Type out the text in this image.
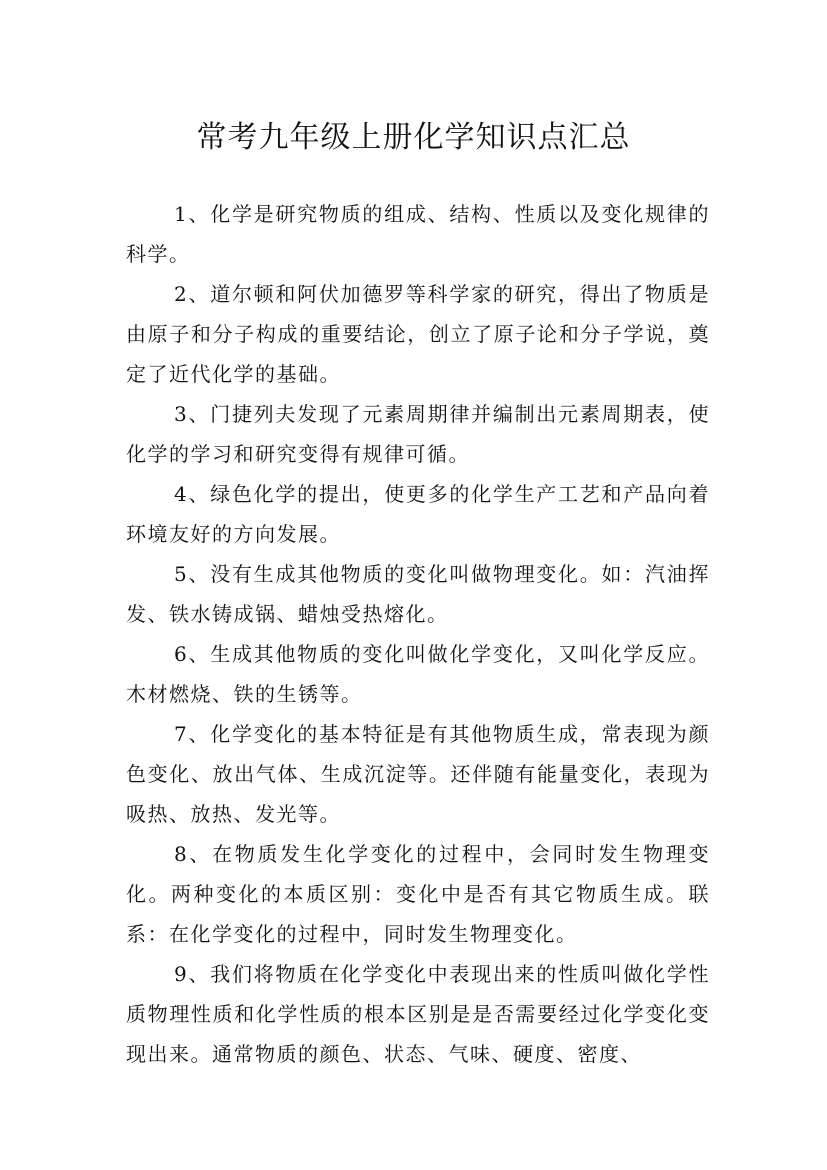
常考九年级上册化学知识点汇总

1、化学是研究物质的组成、结构、性质以及变化规律的科学。

2、道尔顿和阿伏加德罗等科学家的研究，得出了物质是由原子和分子构成的重要结论，创立了原子论和分子学说，奠定了近代化学的基础。

3、门捷列夫发现了元素周期律并编制出元素周期表，使化学的学习和研究变得有规律可循。

4、绿色化学的提出，使更多的化学生产工艺和产品向着环境友好的方向发展。

5、没有生成其他物质的变化叫做物理变化。如：汽油挥发、铁水铸成锅、蜡烛受热熔化。

6、生成其他物质的变化叫做化学变化，又叫化学反应。木材燃烧、铁的生锈等。

7、化学变化的基本特征是有其他物质生成，常表现为颜色变化、放出气体、生成沉淀等。还伴随有能量变化，表现为吸热、放热、发光等。

8、在物质发生化学变化的过程中，会同时发生物理变化。两种变化的本质区别：变化中是否有其它物质生成。联系：在化学变化的过程中，同时发生物理变化。

9、我们将物质在化学变化中表现出来的性质叫做化学性质物理性质和化学性质的根本区别是是否需要经过化学变化变现出来。通常物质的颜色、状态、气味、硬度、密度、
